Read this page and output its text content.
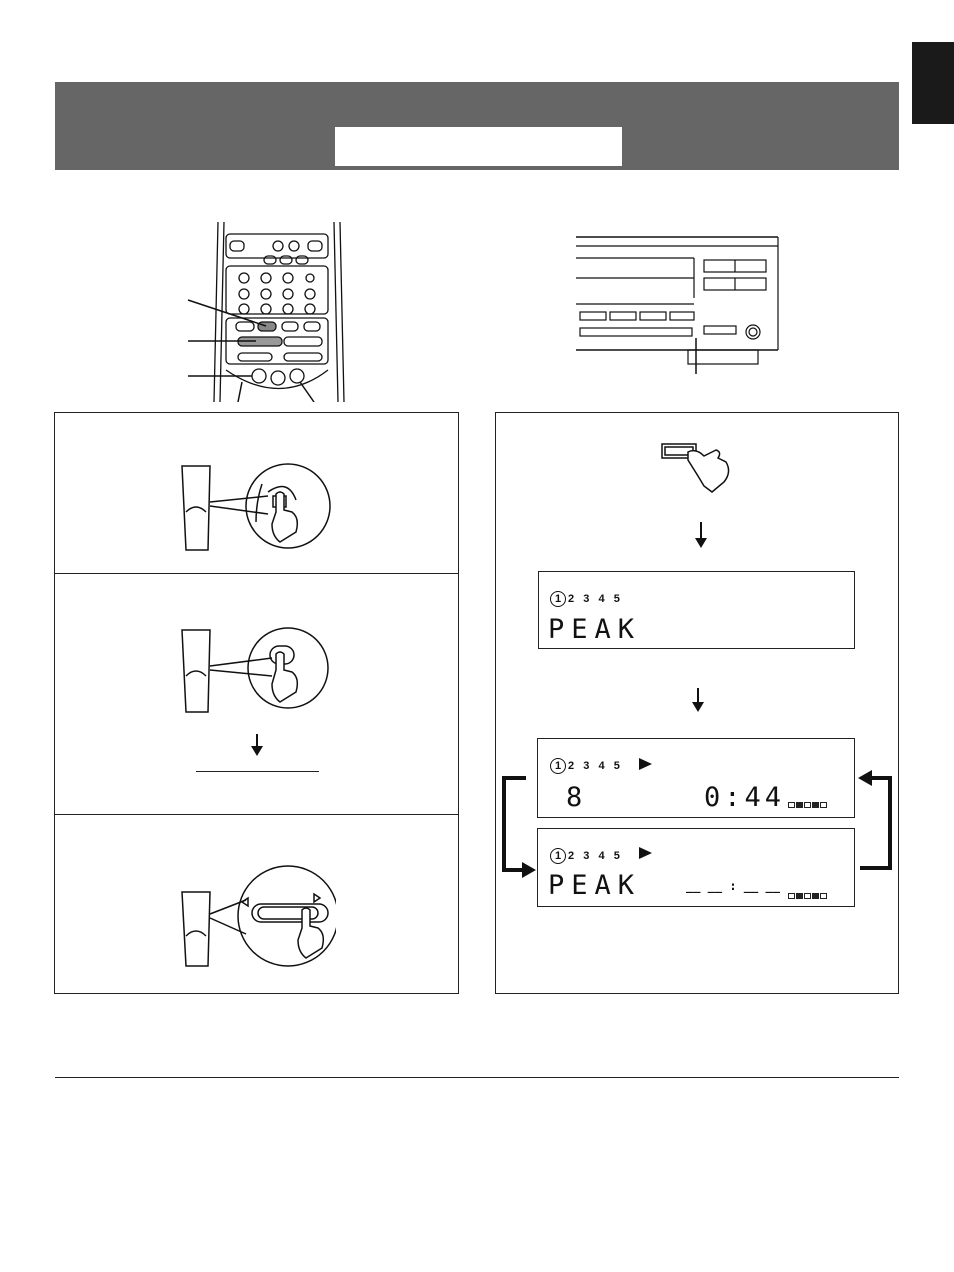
1 2  3  4  5
PEAK
1 2  3  4  5
8	0:44
1 2  3  4  5
PEAK	__ __ : __ __
